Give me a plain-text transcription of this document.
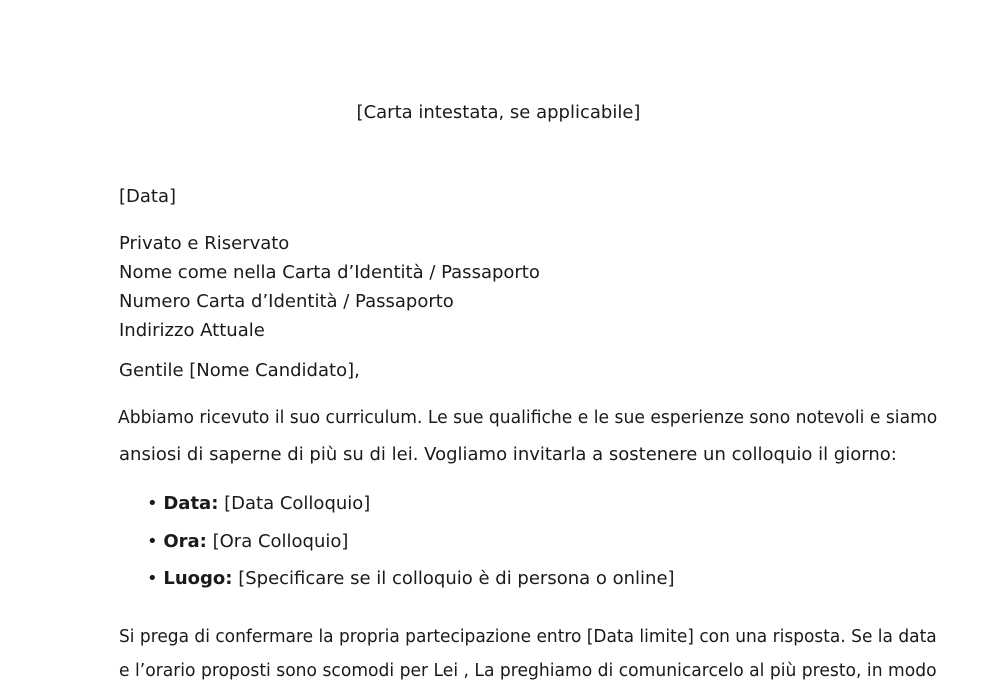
[Carta intestata, se applicabile]
[Data]
Privato e Riservato
Nome come nella Carta d’Identità / Passaporto
Numero Carta d’Identità / Passaporto
Indirizzo Attuale
Gentile [Nome Candidato],
Abbiamo ricevuto il suo curriculum. Le sue qualifiche e le sue esperienze sono notevoli e siamo
ansiosi di saperne di più su di lei. Vogliamo invitarla a sostenere un colloquio il giorno:
• Data: [Data Colloquio]
• Ora: [Ora Colloquio]
• Luogo: [Specificare se il colloquio è di persona o online]
Si prega di confermare la propria partecipazione entro [Data limite] con una risposta. Se la data
e l’orario proposti sono scomodi per Lei , La preghiamo di comunicarcelo al più presto, in modo
